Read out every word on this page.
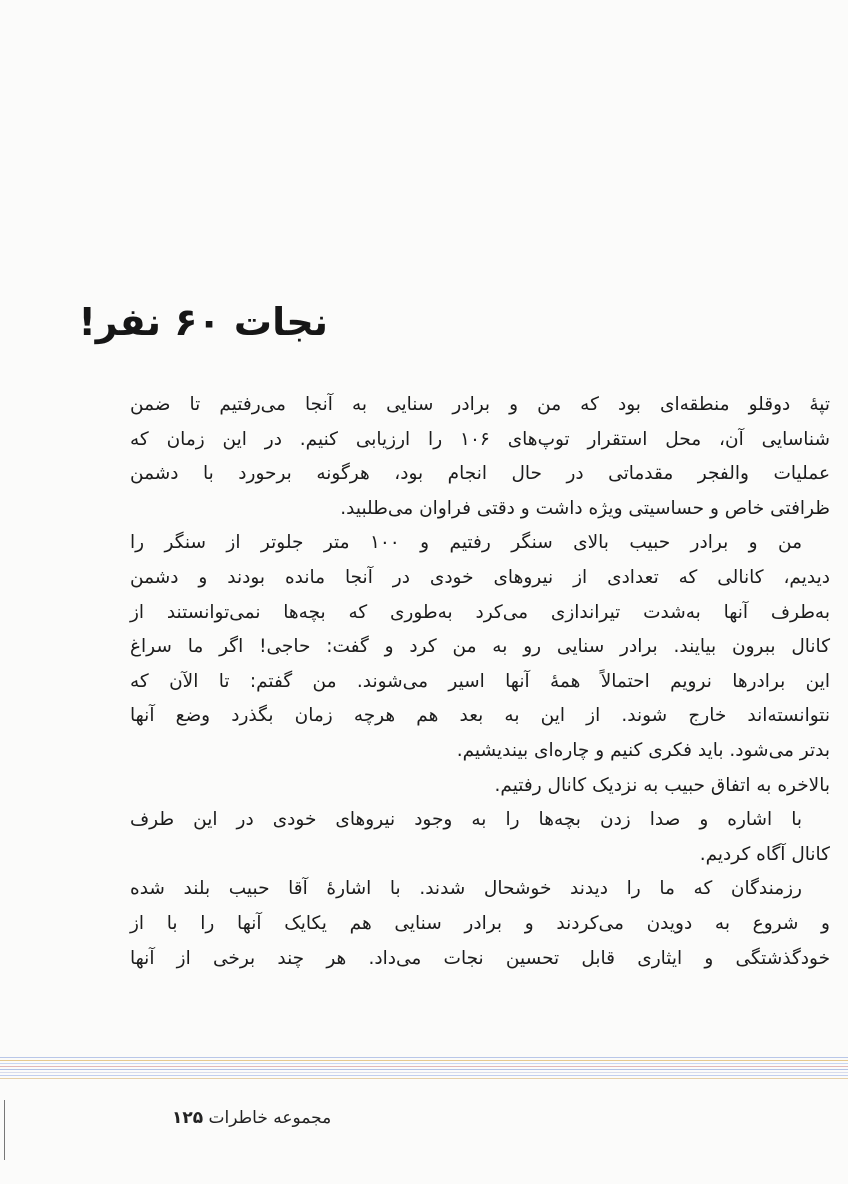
نجات ۶۰ نفر!
تپهٔ دوقلو منطقه‌ای بود که من و برادر سنایی به آنجا می‌رفتیم تا ضمن
شناسایی آن، محل استقرار توپ‌های ۱۰۶ را ارزیابی کنیم. در این زمان که
عملیات والفجر مقدماتی در حال انجام بود، هرگونه برحورد با دشمن
ظرافتی خاص و حساسیتی ویژه داشت و دقتی فراوان می‌طلبید.
من و برادر حبیب بالای سنگر رفتیم و ۱۰۰ متر جلوتر از سنگر را
دیدیم، کانالی که تعدادی از نیروهای خودی در آنجا مانده بودند و دشمن
به‌طرف آنها به‌شدت تیراندازی می‌کرد به‌طوری که بچه‌ها نمی‌توانستند از
کانال ببرون بیایند. برادر سنایی رو به من کرد و گفت: حاجی! اگر ما سراغ
این برادرها نرویم احتمالاً همهٔ آنها اسیر می‌شوند. من گفتم: تا الآن که
نتوانسته‌اند خارج شوند. از این به بعد هم هرچه زمان بگذرد وضع آنها
بدتر می‌شود. باید فکری کنیم و چاره‌ای بیندیشیم.
بالاخره به اتفاق حبیب به نزدیک کانال رفتیم.
با اشاره و صدا زدن بچه‌ها را به وجود نیروهای خودی در این طرف
کانال آگاه کردیم.
رزمندگان که ما را دیدند خوشحال شدند. با اشارهٔ آقا حبیب بلند شده
و شروع به دویدن می‌کردند و برادر سنایی هم یکایک آنها را با از
خودگذشتگی و ایثاری قابل تحسین نجات می‌داد. هر چند برخی از آنها
مجموعه خاطرات ۱۲۵
